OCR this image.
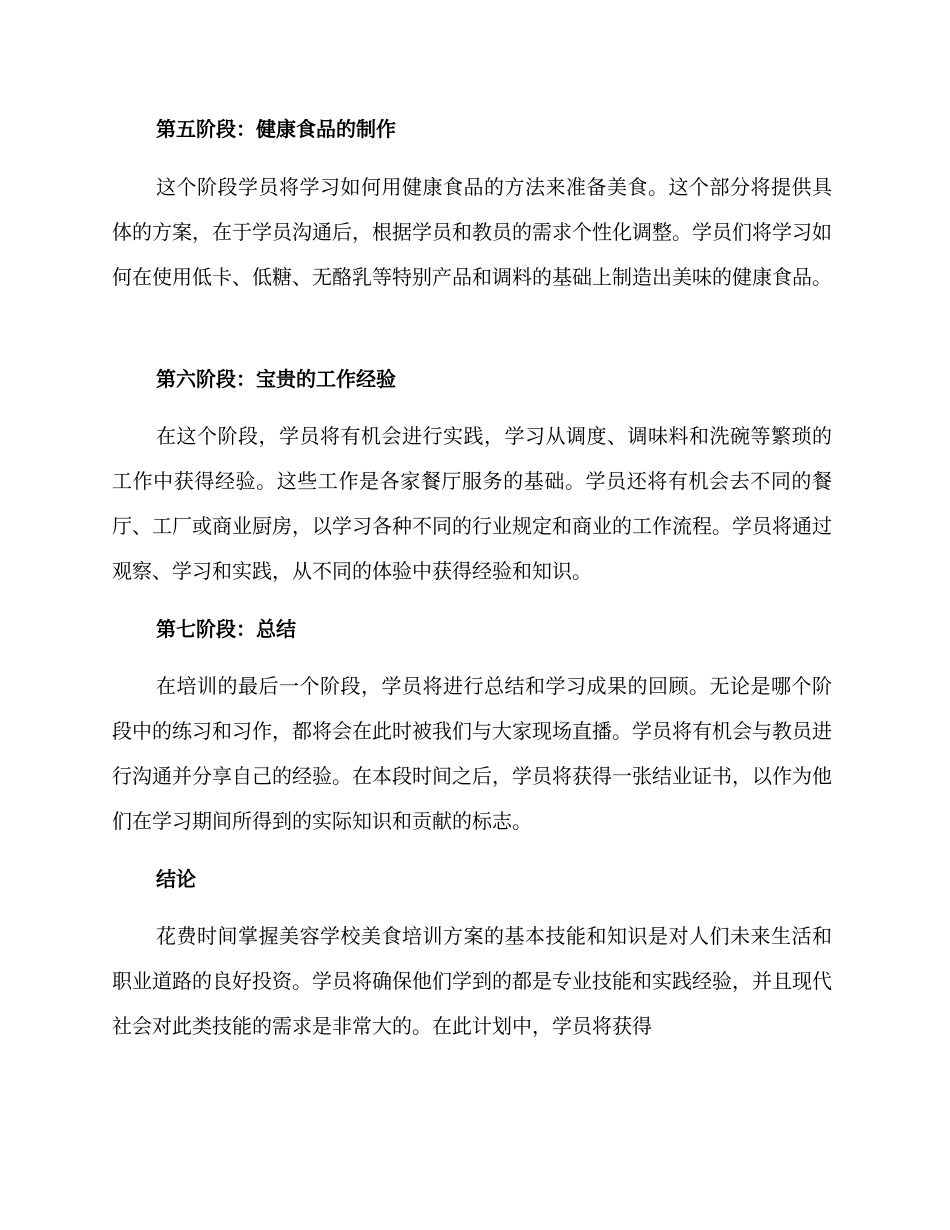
第五阶段：健康食品的制作

这个阶段学员将学习如何用健康食品的方法来准备美食。这个部分将提供具体的方案，在于学员沟通后，根据学员和教员的需求个性化调整。学员们将学习如何在使用低卡、低糖、无酪乳等特别产品和调料的基础上制造出美味的健康食品。

第六阶段：宝贵的工作经验

在这个阶段，学员将有机会进行实践，学习从调度、调味料和洗碗等繁琐的工作中获得经验。这些工作是各家餐厅服务的基础。学员还将有机会去不同的餐厅、工厂或商业厨房，以学习各种不同的行业规定和商业的工作流程。学员将通过观察、学习和实践，从不同的体验中获得经验和知识。

第七阶段：总结

在培训的最后一个阶段，学员将进行总结和学习成果的回顾。无论是哪个阶段中的练习和习作，都将会在此时被我们与大家现场直播。学员将有机会与教员进行沟通并分享自己的经验。在本段时间之后，学员将获得一张结业证书，以作为他们在学习期间所得到的实际知识和贡献的标志。

结论

花费时间掌握美容学校美食培训方案的基本技能和知识是对人们未来生活和职业道路的良好投资。学员将确保他们学到的都是专业技能和实践经验，并且现代社会对此类技能的需求是非常大的。在此计划中，学员将获得
